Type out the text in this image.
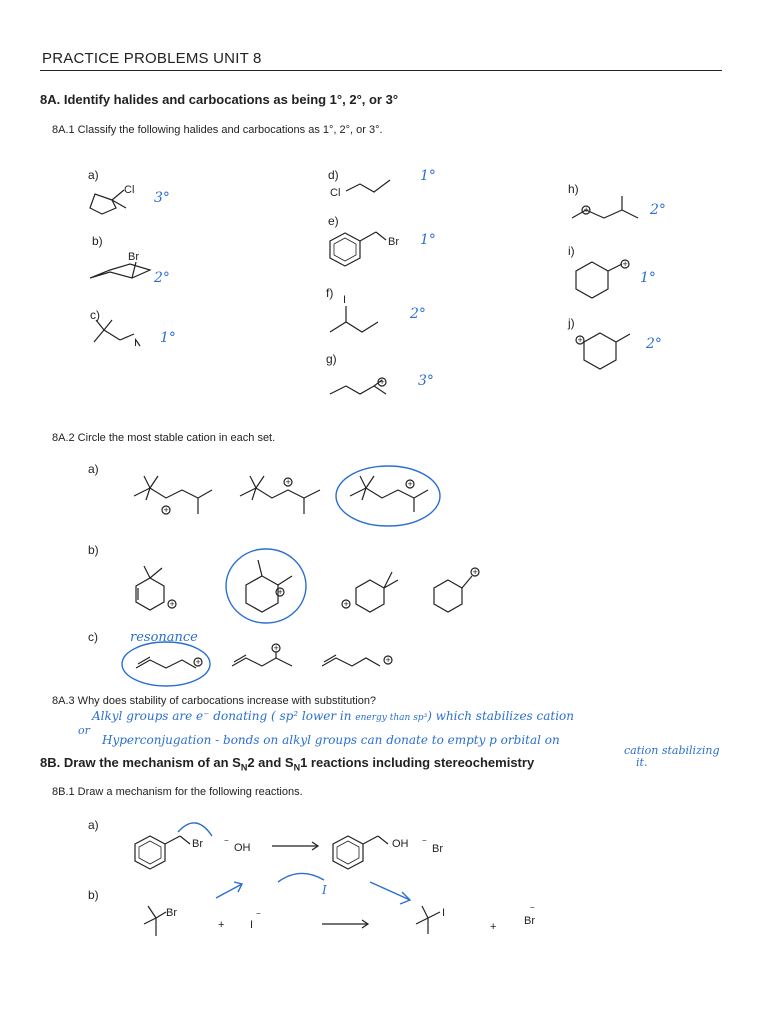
PRACTICE PROBLEMS UNIT 8
8A. Identify halides and carbocations as being 1°, 2°, or 3°
8A.1 Classify the following halides and carbocations as 1°, 2°, or 3°.
a)
b)
c)
d)
e)
f)
g)
h)
i)
j)
Cl 3°
Br
2°
I 1°
Cl
1°
Br 1°
I
2°
+ 3°
+	2°
+
1°
+	2°
8A.2 Circle the most stable cation in each set.
a)
b)
c) resonance
+
+	+
+
+
+
+
+
+
+
8A.3 Why does stability of carbocations increase with substitution?
Alkyl groups are e⁻ donating ( sp² lower in energy than sp³) which stabilizes cation
or
Hyperconjugation - bonds on alkyl groups can donate to empty p orbital on
cation stabilizing
it.
8B. Draw the mechanism of an $S_N2$ and $S_N1$ reactions including stereochemistry
8B.1 Draw a mechanism for the following reactions.
a)
b)
Br	−
OH	OH −
Br
Br
+
−
I
I
+
−
Br
I
